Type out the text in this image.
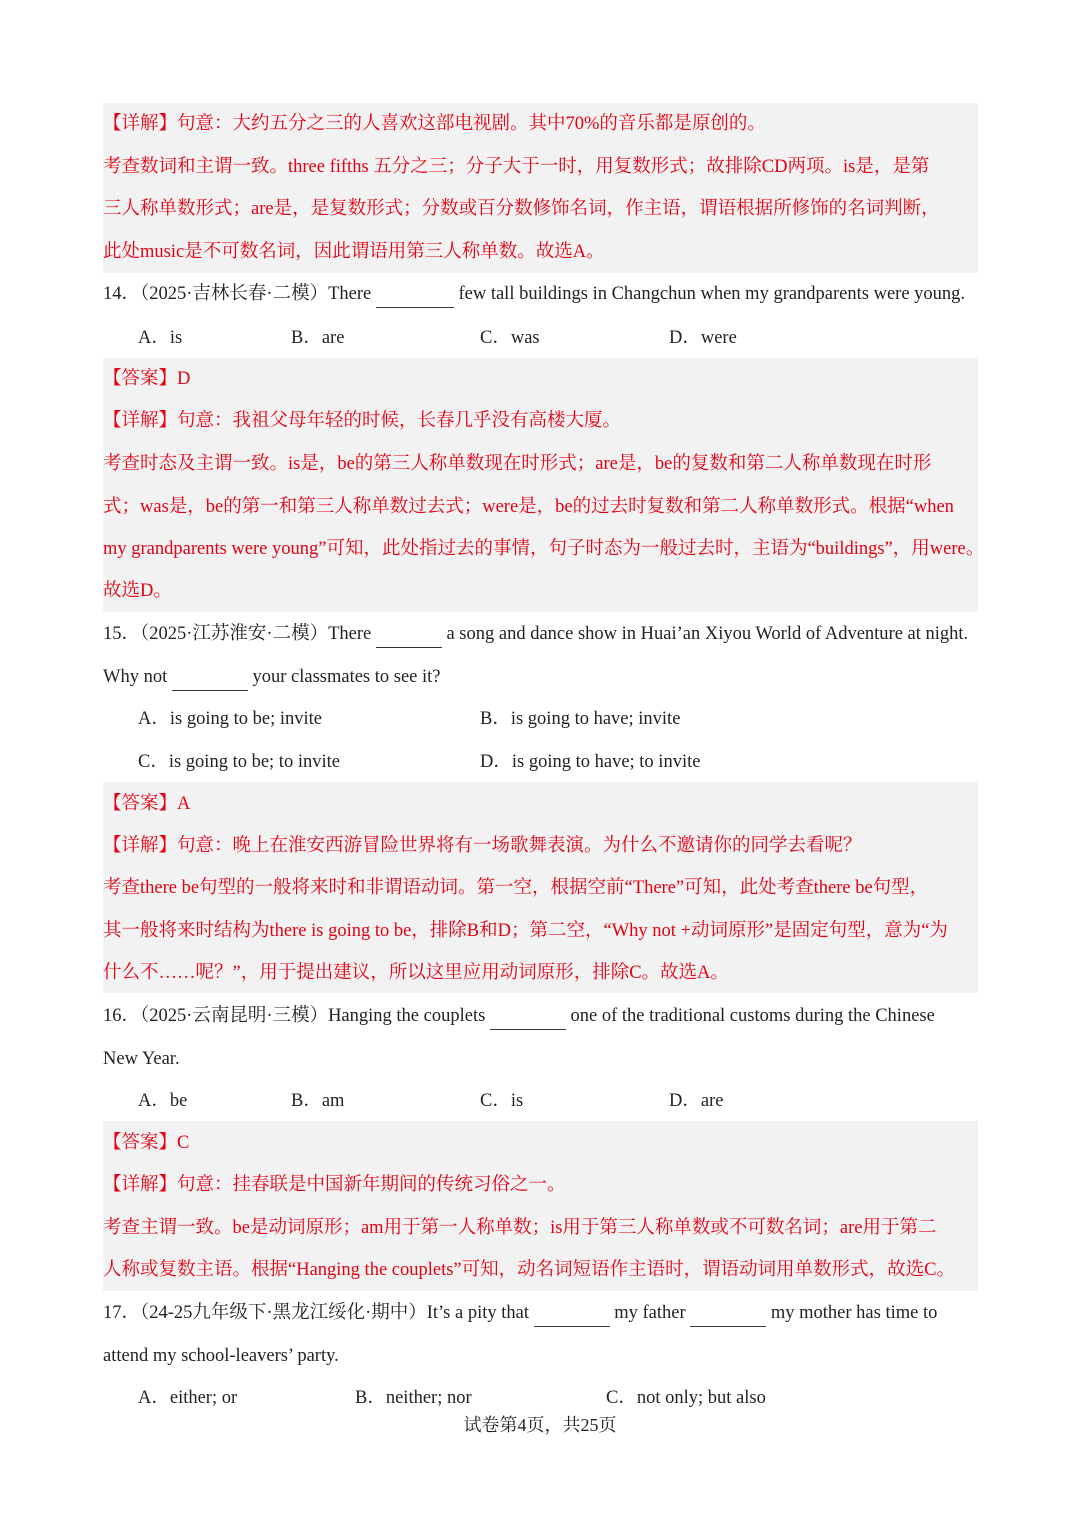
【详解】句意：大约五分之三的人喜欢这部电视剧。其中70%的音乐都是原创的。
考查数词和主谓一致。three fifths 五分之三；分子大于一时，用复数形式；故排除CD两项。is是，是第
三人称单数形式；are是，是复数形式；分数或百分数修饰名词，作主语，谓语根据所修饰的名词判断，
此处music是不可数名词，因此谓语用第三人称单数。故选A。
14．（2025·吉林长春·二模）There	few tall buildings in Changchun when my grandparents were young.
A．is	B．are	C．was	D．were
【答案】D
【详解】句意：我祖父母年轻的时候，长春几乎没有高楼大厦。
考查时态及主谓一致。is是，be的第三人称单数现在时形式；are是，be的复数和第二人称单数现在时形
式；was是，be的第一和第三人称单数过去式；were是，be的过去时复数和第二人称单数形式。根据“when
my grandparents were young”可知，此处指过去的事情，句子时态为一般过去时，主语为“buildings”，用were。
故选D。
15．（2025·江苏淮安·二模）There	a song and dance show in Huai’an Xiyou World of Adventure at night.
Why not	your classmates to see it?
A．is going to be; invite	B．is going to have; invite
C．is going to be; to invite	D．is going to have; to invite
【答案】A
【详解】句意：晚上在淮安西游冒险世界将有一场歌舞表演。为什么不邀请你的同学去看呢？
考查there be句型的一般将来时和非谓语动词。第一空，根据空前“There”可知，此处考查there be句型，
其一般将来时结构为there is going to be，排除B和D；第二空，“Why not +动词原形”是固定句型，意为“为
什么不……呢？”，用于提出建议，所以这里应用动词原形，排除C。故选A。
16．（2025·云南昆明·三模）Hanging the couplets	one of the traditional customs during the Chinese
New Year.
A．be	B．am	C．is	D．are
【答案】C
【详解】句意：挂春联是中国新年期间的传统习俗之一。
考查主谓一致。be是动词原形；am用于第一人称单数；is用于第三人称单数或不可数名词；are用于第二
人称或复数主语。根据“Hanging the couplets”可知，动名词短语作主语时，谓语动词用单数形式，故选C。
17．（24-25九年级下·黑龙江绥化·期中）It’s a pity that	my father	my mother has time to
attend my school-leavers’ party.
A．either; or	B．neither; nor	C．not only; but also
试卷第4页，共25页
